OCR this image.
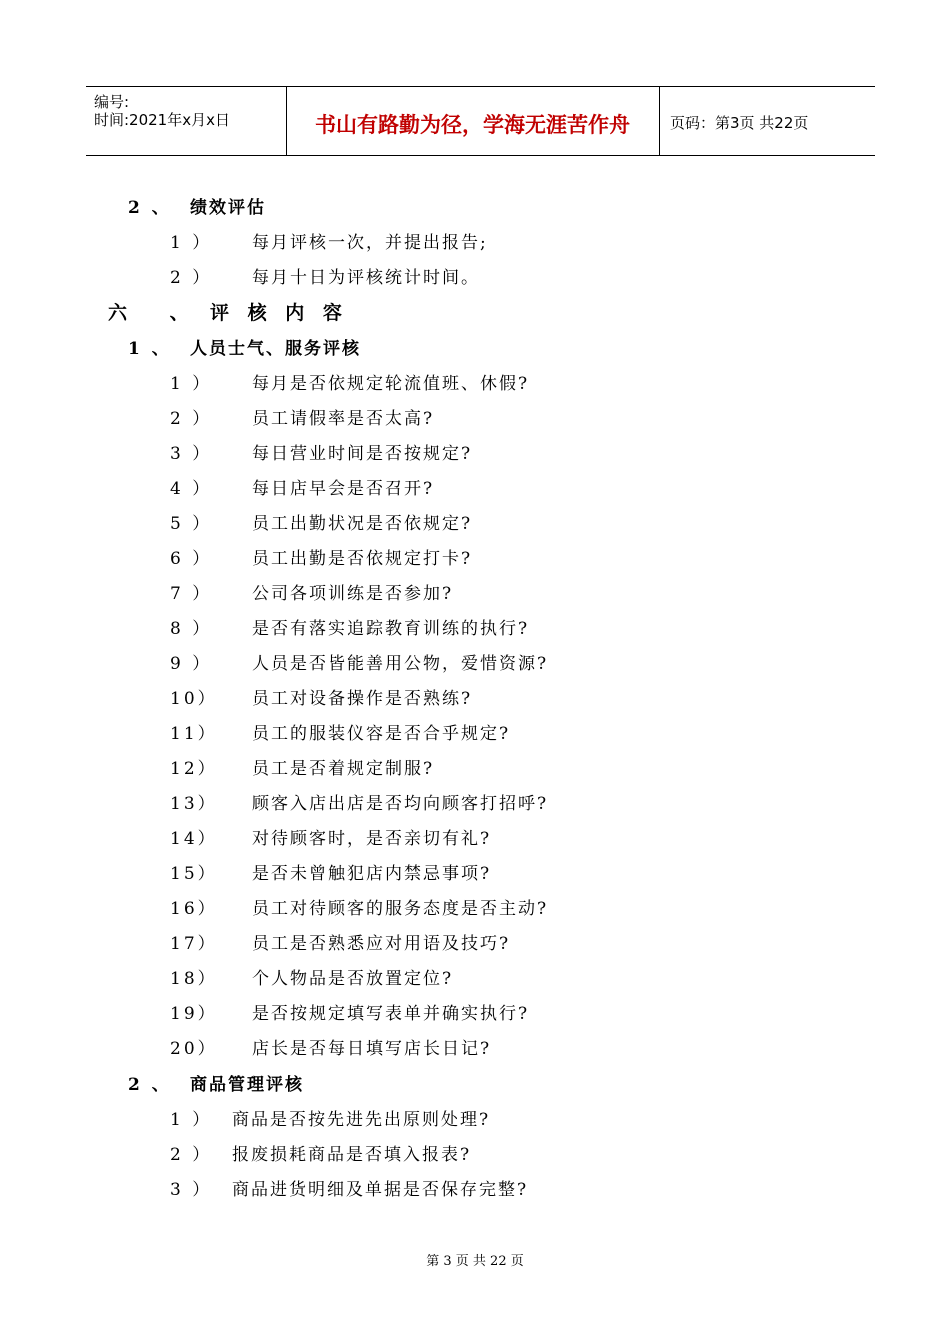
编号:
时间:2021年x月x日	书山有路勤为径，学海无涯苦作舟	页码：第3页 共22页
2 、 绩效评估
1 ） 每月评核一次，并提出报告;
2 ） 每月十日为评核统计时间。
六 、 评 核 内 容
1 、 人员士气、服务评核
1 ） 每月是否依规定轮流值班、休假?
2 ） 员工请假率是否太高?
3 ） 每日营业时间是否按规定?
4 ） 每日店早会是否召开?
5 ） 员工出勤状况是否依规定?
6 ） 员工出勤是否依规定打卡?
7 ） 公司各项训练是否参加?
8 ） 是否有落实追踪教育训练的执行?
9 ） 人员是否皆能善用公物，爱惜资源?
10） 员工对设备操作是否熟练?
11） 员工的服装仪容是否合乎规定?
12） 员工是否着规定制服?
13） 顾客入店出店是否均向顾客打招呼?
14） 对待顾客时，是否亲切有礼?
15） 是否未曾触犯店内禁忌事项?
16） 员工对待顾客的服务态度是否主动?
17） 员工是否熟悉应对用语及技巧?
18） 个人物品是否放置定位?
19） 是否按规定填写表单并确实执行?
20） 店长是否每日填写店长日记?
2 、 商品管理评核
1 ） 商品是否按先进先出原则处理?
2 ） 报废损耗商品是否填入报表?
3 ） 商品进货明细及单据是否保存完整?
第 3 页 共 22 页
